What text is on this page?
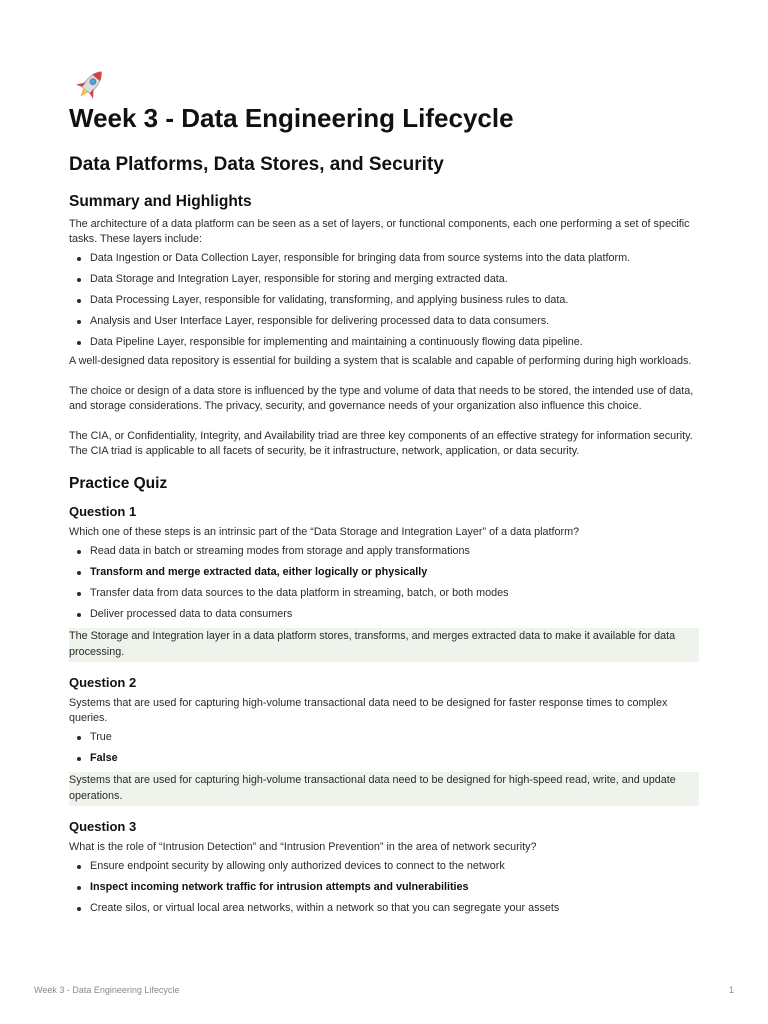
Week 3 - Data Engineering Lifecycle
Data Platforms, Data Stores, and Security
Summary and Highlights

The architecture of a data platform can be seen as a set of layers, or functional components, each one performing a set of specific tasks. These layers include:

Data Ingestion or Data Collection Layer, responsible for bringing data from source systems into the data platform.
Data Storage and Integration Layer, responsible for storing and merging extracted data.
Data Processing Layer, responsible for validating, transforming, and applying business rules to data.
Analysis and User Interface Layer, responsible for delivering processed data to data consumers.
Data Pipeline Layer, responsible for implementing and maintaining a continuously flowing data pipeline.

A well-designed data repository is essential for building a system that is scalable and capable of performing during high workloads.

The choice or design of a data store is influenced by the type and volume of data that needs to be stored, the intended use of data, and storage considerations. The privacy, security, and governance needs of your organization also influence this choice.

The CIA, or Confidentiality, Integrity, and Availability triad are three key components of an effective strategy for information security. The CIA triad is applicable to all facets of security, be it infrastructure, network, application, or data security.

Practice Quiz
Question 1

Which one of these steps is an intrinsic part of the “Data Storage and Integration Layer” of a data platform?

Read data in batch or streaming modes from storage and apply transformations
Transform and merge extracted data, either logically or physically
Transfer data from data sources to the data platform in streaming, batch, or both modes
Deliver processed data to data consumers
The Storage and Integration layer in a data platform stores, transforms, and merges extracted data to make it available for data processing.
Question 2

Systems that are used for capturing high-volume transactional data need to be designed for faster response times to complex queries.

True
False
Systems that are used for capturing high-volume transactional data need to be designed for high-speed read, write, and update operations.
Question 3

What is the role of “Intrusion Detection” and “Intrusion Prevention” in the area of network security?

Ensure endpoint security by allowing only authorized devices to connect to the network
Inspect incoming network traffic for intrusion attempts and vulnerabilities
Create silos, or virtual local area networks, within a network so that you can segregate your assets
Week 3 - Data Engineering Lifecycle	1
